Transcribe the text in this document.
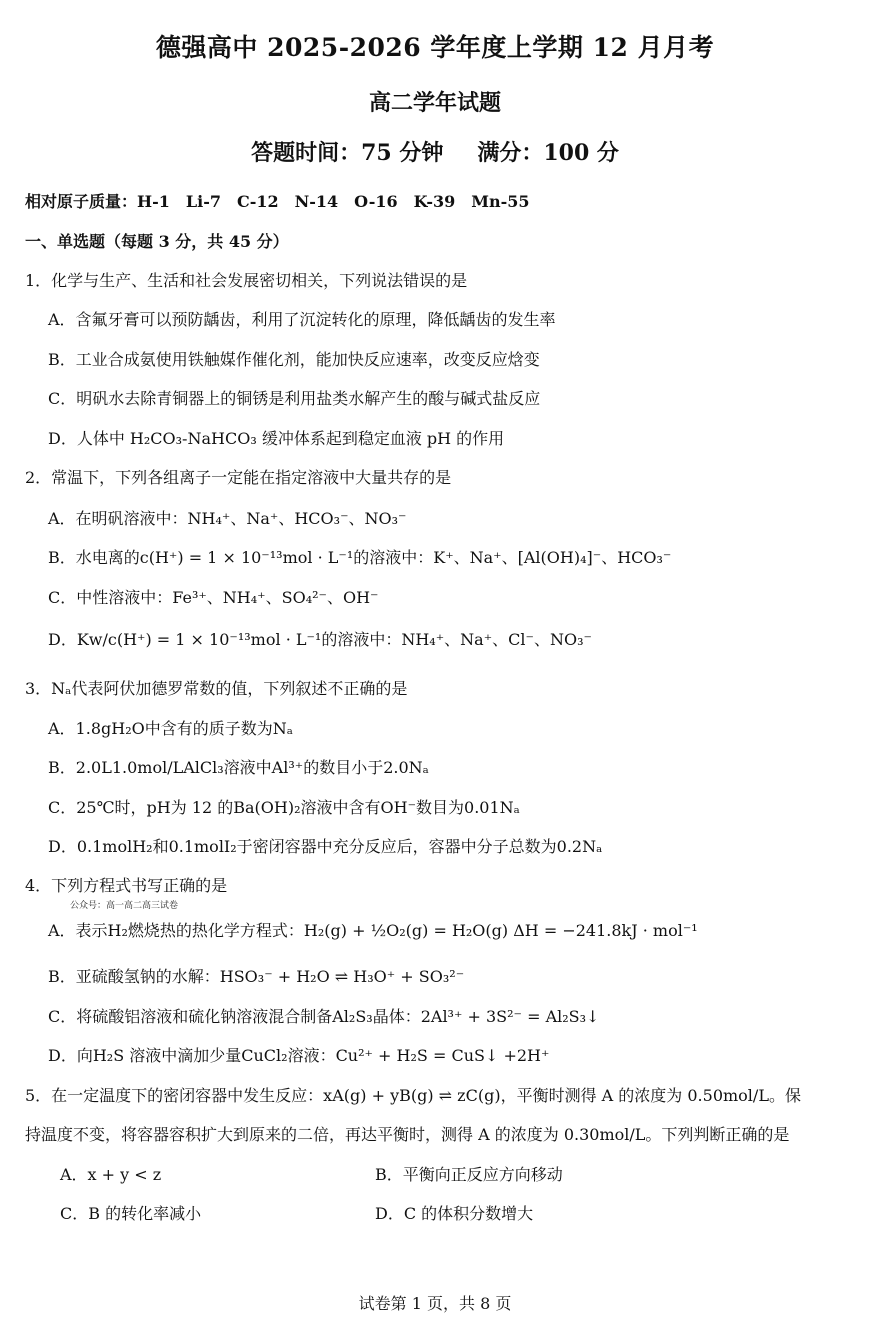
德强高中 2025-2026 学年度上学期 12 月月考
高二学年试题
答题时间：75 分钟 满分：100 分
相对原子质量：H-1　Li-7　C-12　N-14　O-16　K-39　Mn-55
一、单选题（每题 3 分，共 45 分）
1．化学与生产、生活和社会发展密切相关，下列说法错误的是
A．含氟牙膏可以预防龋齿，利用了沉淀转化的原理，降低龋齿的发生率
B．工业合成氨使用铁触媒作催化剂，能加快反应速率，改变反应焓变
C．明矾水去除青铜器上的铜锈是利用盐类水解产生的酸与碱式盐反应
D．人体中 H₂CO₃-NaHCO₃ 缓冲体系起到稳定血液 pH 的作用
2．常温下，下列各组离子一定能在指定溶液中大量共存的是
A．在明矾溶液中：NH₄⁺、Na⁺、HCO₃⁻、NO₃⁻
B．水电离的c(H⁺) = 1 × 10⁻¹³mol · L⁻¹的溶液中：K⁺、Na⁺、[Al(OH)₄]⁻、HCO₃⁻
C．中性溶液中：Fe³⁺、NH₄⁺、SO₄²⁻、OH⁻
D．Kw/c(H⁺) = 1 × 10⁻¹³mol · L⁻¹的溶液中：NH₄⁺、Na⁺、Cl⁻、NO₃⁻
3．Nₐ代表阿伏加德罗常数的值，下列叙述不正确的是
A．1.8gH₂O中含有的质子数为Nₐ
B．2.0L1.0mol/LAlCl₃溶液中Al³⁺的数目小于2.0Nₐ
C．25℃时，pH为 12 的Ba(OH)₂溶液中含有OH⁻数目为0.01Nₐ
D．0.1molH₂和0.1molI₂于密闭容器中充分反应后，容器中分子总数为0.2Nₐ
4．下列方程式书写正确的是
公众号：高一高二高三试卷
A．表示H₂燃烧热的热化学方程式：H₂(g) + ½O₂(g) = H₂O(g) ΔH = −241.8kJ · mol⁻¹
B．亚硫酸氢钠的水解：HSO₃⁻ + H₂O ⇌ H₃O⁺ + SO₃²⁻
C．将硫酸铝溶液和硫化钠溶液混合制备Al₂S₃晶体：2Al³⁺ + 3S²⁻ = Al₂S₃↓
D．向H₂S 溶液中滴加少量CuCl₂溶液：Cu²⁺ + H₂S = CuS↓ +2H⁺
5．在一定温度下的密闭容器中发生反应：xA(g) + yB(g) ⇌ zC(g)，平衡时测得 A 的浓度为 0.50mol/L。保
持温度不变，将容器容积扩大到原来的二倍，再达平衡时，测得 A 的浓度为 0.30mol/L。下列判断正确的是
A．x + y < z	B．平衡向正反应方向移动
C．B 的转化率减小	D．C 的体积分数增大
试卷第 1 页，共 8 页
